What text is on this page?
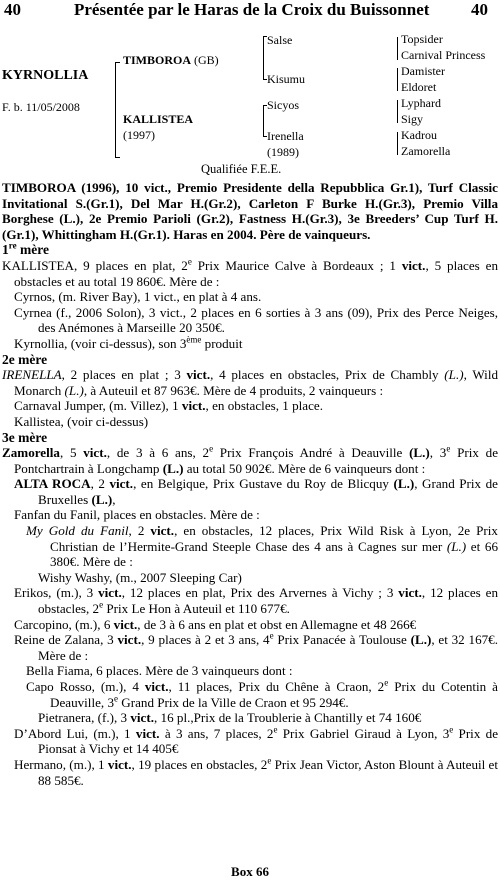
40	Présentée par le Haras de la Croix du Buissonnet 40
KYRNOLLIA
F. b. 11/05/2008
TIMBOROA (GB)
KALLISTEA
(1997)
Salse
Kisumu
Sicyos
Irenella
(1989)
Topsider
Carnival Princess
Damister
Eldoret
Lyphard
Sigy
Kadrou
Zamorella
Qualifiée F.E.E.

TIMBOROA (1996), 10 vict., Premio Presidente della Repubblica Gr.1), Turf Classic Invitational S.(Gr.1), Del Mar H.(Gr.2), Carleton F Burke H.(Gr.3), Premio Villa Borghese (L.), 2e Premio Parioli (Gr.2), Fastness H.(Gr.3), 3e Breeders’ Cup Turf H.(Gr.1), Whittingham H.(Gr.1). Haras en 2004. Père de vainqueurs.

1re mère

KALLISTEA, 9 places en plat, 2e Prix Maurice Calve à Bordeaux ; 1 vict., 5 places en obstacles et au total 19 860€. Mère de :

Cyrnos, (m. River Bay), 1 vict., en plat à 4 ans.

Cyrnea (f., 2006 Solon), 3 vict., 2 places en 6 sorties à 3 ans (09), Prix des Perce Neiges, des Anémones à Marseille 20 350€.

Kyrnollia, (voir ci-dessus), son 3ème produit

2e mère

IRENELLA, 2 places en plat ; 3 vict., 4 places en obstacles, Prix de Chambly (L.), Wild Monarch (L.), à Auteuil et 87 963€. Mère de 4 produits, 2 vainqueurs :

Carnaval Jumper, (m. Villez), 1 vict., en obstacles, 1 place.

Kallistea, (voir ci-dessus)

3e mère

Zamorella, 5 vict., de 3 à 6 ans, 2e Prix François André à Deauville (L.), 3e Prix de Pontchartrain à Longchamp (L.) au total 50 902€. Mère de 6 vainqueurs dont :

ALTA ROCA, 2 vict., en Belgique, Prix Gustave du Roy de Blicquy (L.), Grand Prix de Bruxelles (L.),

Fanfan du Fanil, places en obstacles. Mère de :

My Gold du Fanil, 2 vict., en obstacles, 12 places, Prix Wild Risk à Lyon, 2e Prix Christian de l’Hermite-Grand Steeple Chase des 4 ans à Cagnes sur mer (L.) et 66 380€. Mère de :

Wishy Washy, (m., 2007 Sleeping Car)

Erikos, (m.), 3 vict., 12 places en plat, Prix des Arvernes à Vichy ; 3 vict., 12 places en obstacles, 2e Prix Le Hon à Auteuil et 110 677€.

Carcopino, (m.), 6 vict., de 3 à 6 ans en plat et obst en Allemagne et 48 266€

Reine de Zalana, 3 vict., 9 places à 2 et 3 ans, 4e Prix Panacée à Toulouse (L.), et 32 167€. Mère de :

Bella Fiama, 6 places. Mère de 3 vainqueurs dont :

Capo Rosso, (m.), 4 vict., 11 places, Prix du Chêne à Craon, 2e Prix du Cotentin à Deauville, 3e Grand Prix de la Ville de Craon et 95 294€.

Pietranera, (f.), 3 vict., 16 pl.,Prix de la Troublerie à Chantilly et 74 160€

D’Abord Lui, (m.), 1 vict. à 3 ans, 7 places, 2e Prix Gabriel Giraud à Lyon, 3e Prix de Pionsat à Vichy et 14 405€

Hermano, (m.), 1 vict., 19 places en obstacles, 2e Prix Jean Victor, Aston Blount à Auteuil et 88 585€.

Box 66
